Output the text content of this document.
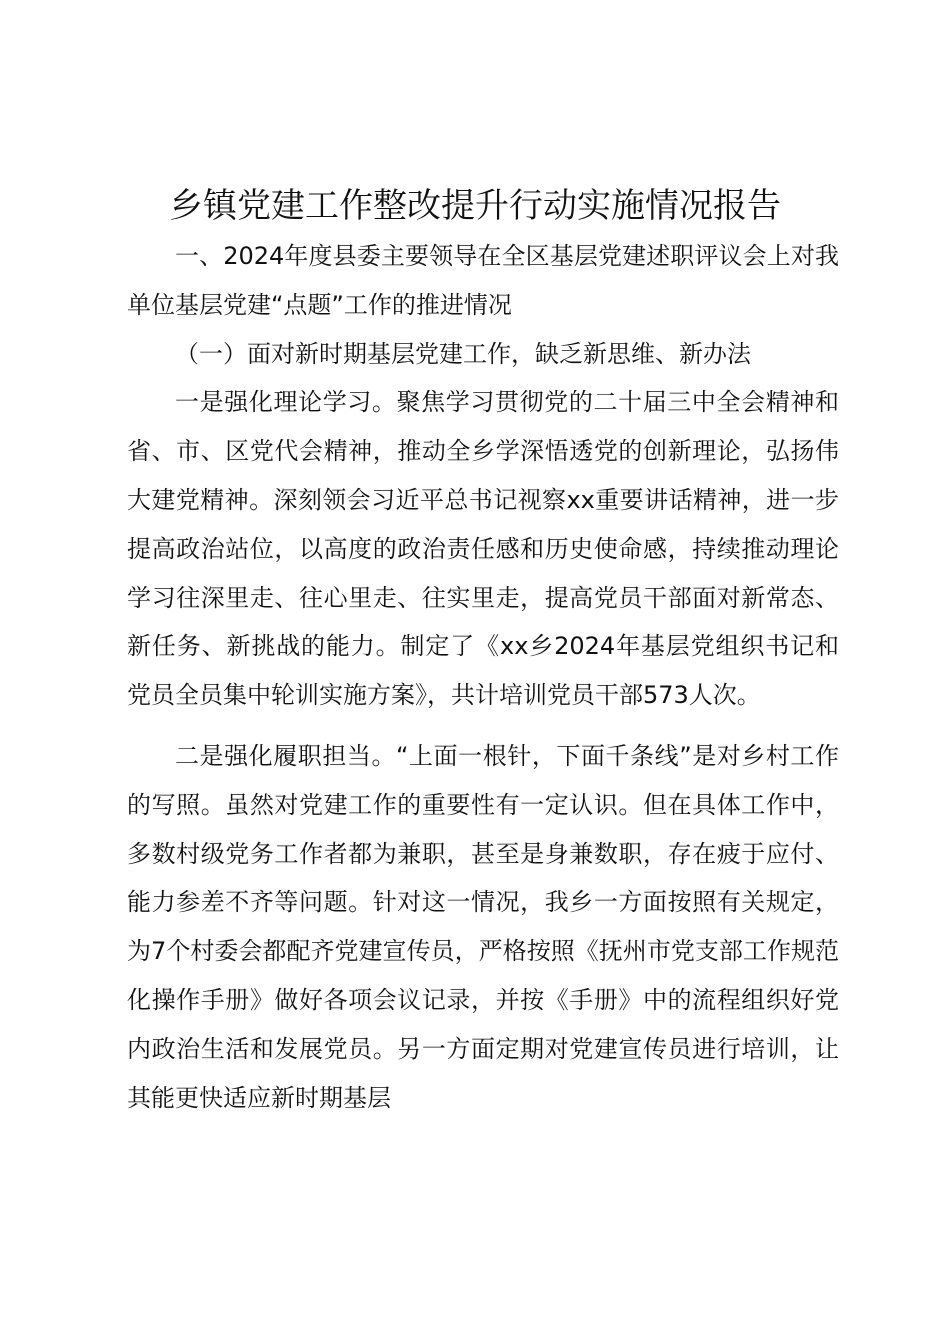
乡镇党建工作整改提升行动实施情况报告

一、2024年度县委主要领导在全区基层党建述职评议会上对我单位基层党建“点题”工作的推进情况

（一）面对新时期基层党建工作，缺乏新思维、新办法

一是强化理论学习。聚焦学习贯彻党的二十届三中全会精神和省、市、区党代会精神，推动全乡学深悟透党的创新理论，弘扬伟大建党精神。深刻领会习近平总书记视察xx重要讲话精神，进一步提高政治站位，以高度的政治责任感和历史使命感，持续推动理论学习往深里走、往心里走、往实里走，提高党员干部面对新常态、新任务、新挑战的能力。制定了《xx乡2024年基层党组织书记和党员全员集中轮训实施方案》，共计培训党员干部573人次。

二是强化履职担当。“上面一根针，下面千条线”是对乡村工作的写照。虽然对党建工作的重要性有一定认识。但在具体工作中，多数村级党务工作者都为兼职，甚至是身兼数职，存在疲于应付、能力参差不齐等问题。针对这一情况，我乡一方面按照有关规定，为7个村委会都配齐党建宣传员，严格按照《抚州市党支部工作规范化操作手册》做好各项会议记录，并按《手册》中的流程组织好党内政治生活和发展党员。另一方面定期对党建宣传员进行培训，让其能更快适应新时期基层
